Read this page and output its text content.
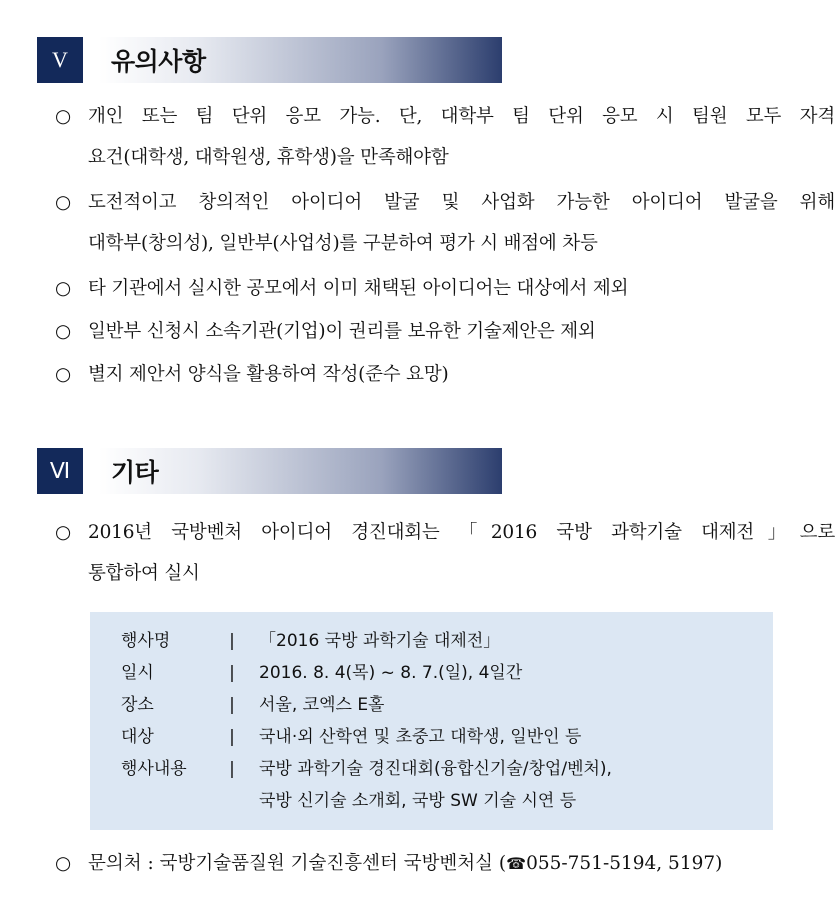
V	유의사항
○ 개인 또는 팀 단위 응모 가능. 단, 대학부 팀 단위 응모 시 팀원 모두 자격
요건(대학생, 대학원생, 휴학생)을 만족해야함
○ 도전적이고 창의적인 아이디어 발굴 및 사업화 가능한 아이디어 발굴을 위해
대학부(창의성), 일반부(사업성)를 구분하여 평가 시 배점에 차등
○ 타 기관에서 실시한 공모에서 이미 채택된 아이디어는 대상에서 제외
○ 일반부 신청시 소속기관(기업)이 권리를 보유한 기술제안은 제외
○ 별지 제안서 양식을 활용하여 작성(준수 요망)
Ⅵ	기타
○ 2016년 국방벤처 아이디어 경진대회는 「2016 국방 과학기술 대제전」으로
통합하여 실시
행사명	| 「2016 국방 과학기술 대제전」
일시	| 2016. 8. 4(목) ~ 8. 7.(일), 4일간
장소	| 서울, 코엑스 E홀
대상	| 국내·외 산학연 및 초중고 대학생, 일반인 등
행사내용 | 국방 과학기술 경진대회(융합신기술/창업/벤처),
국방 신기술 소개회, 국방 SW 기술 시연 등
○ 문의처 : 국방기술품질원 기술진흥센터 국방벤처실 (☎055-751-5194, 5197)
